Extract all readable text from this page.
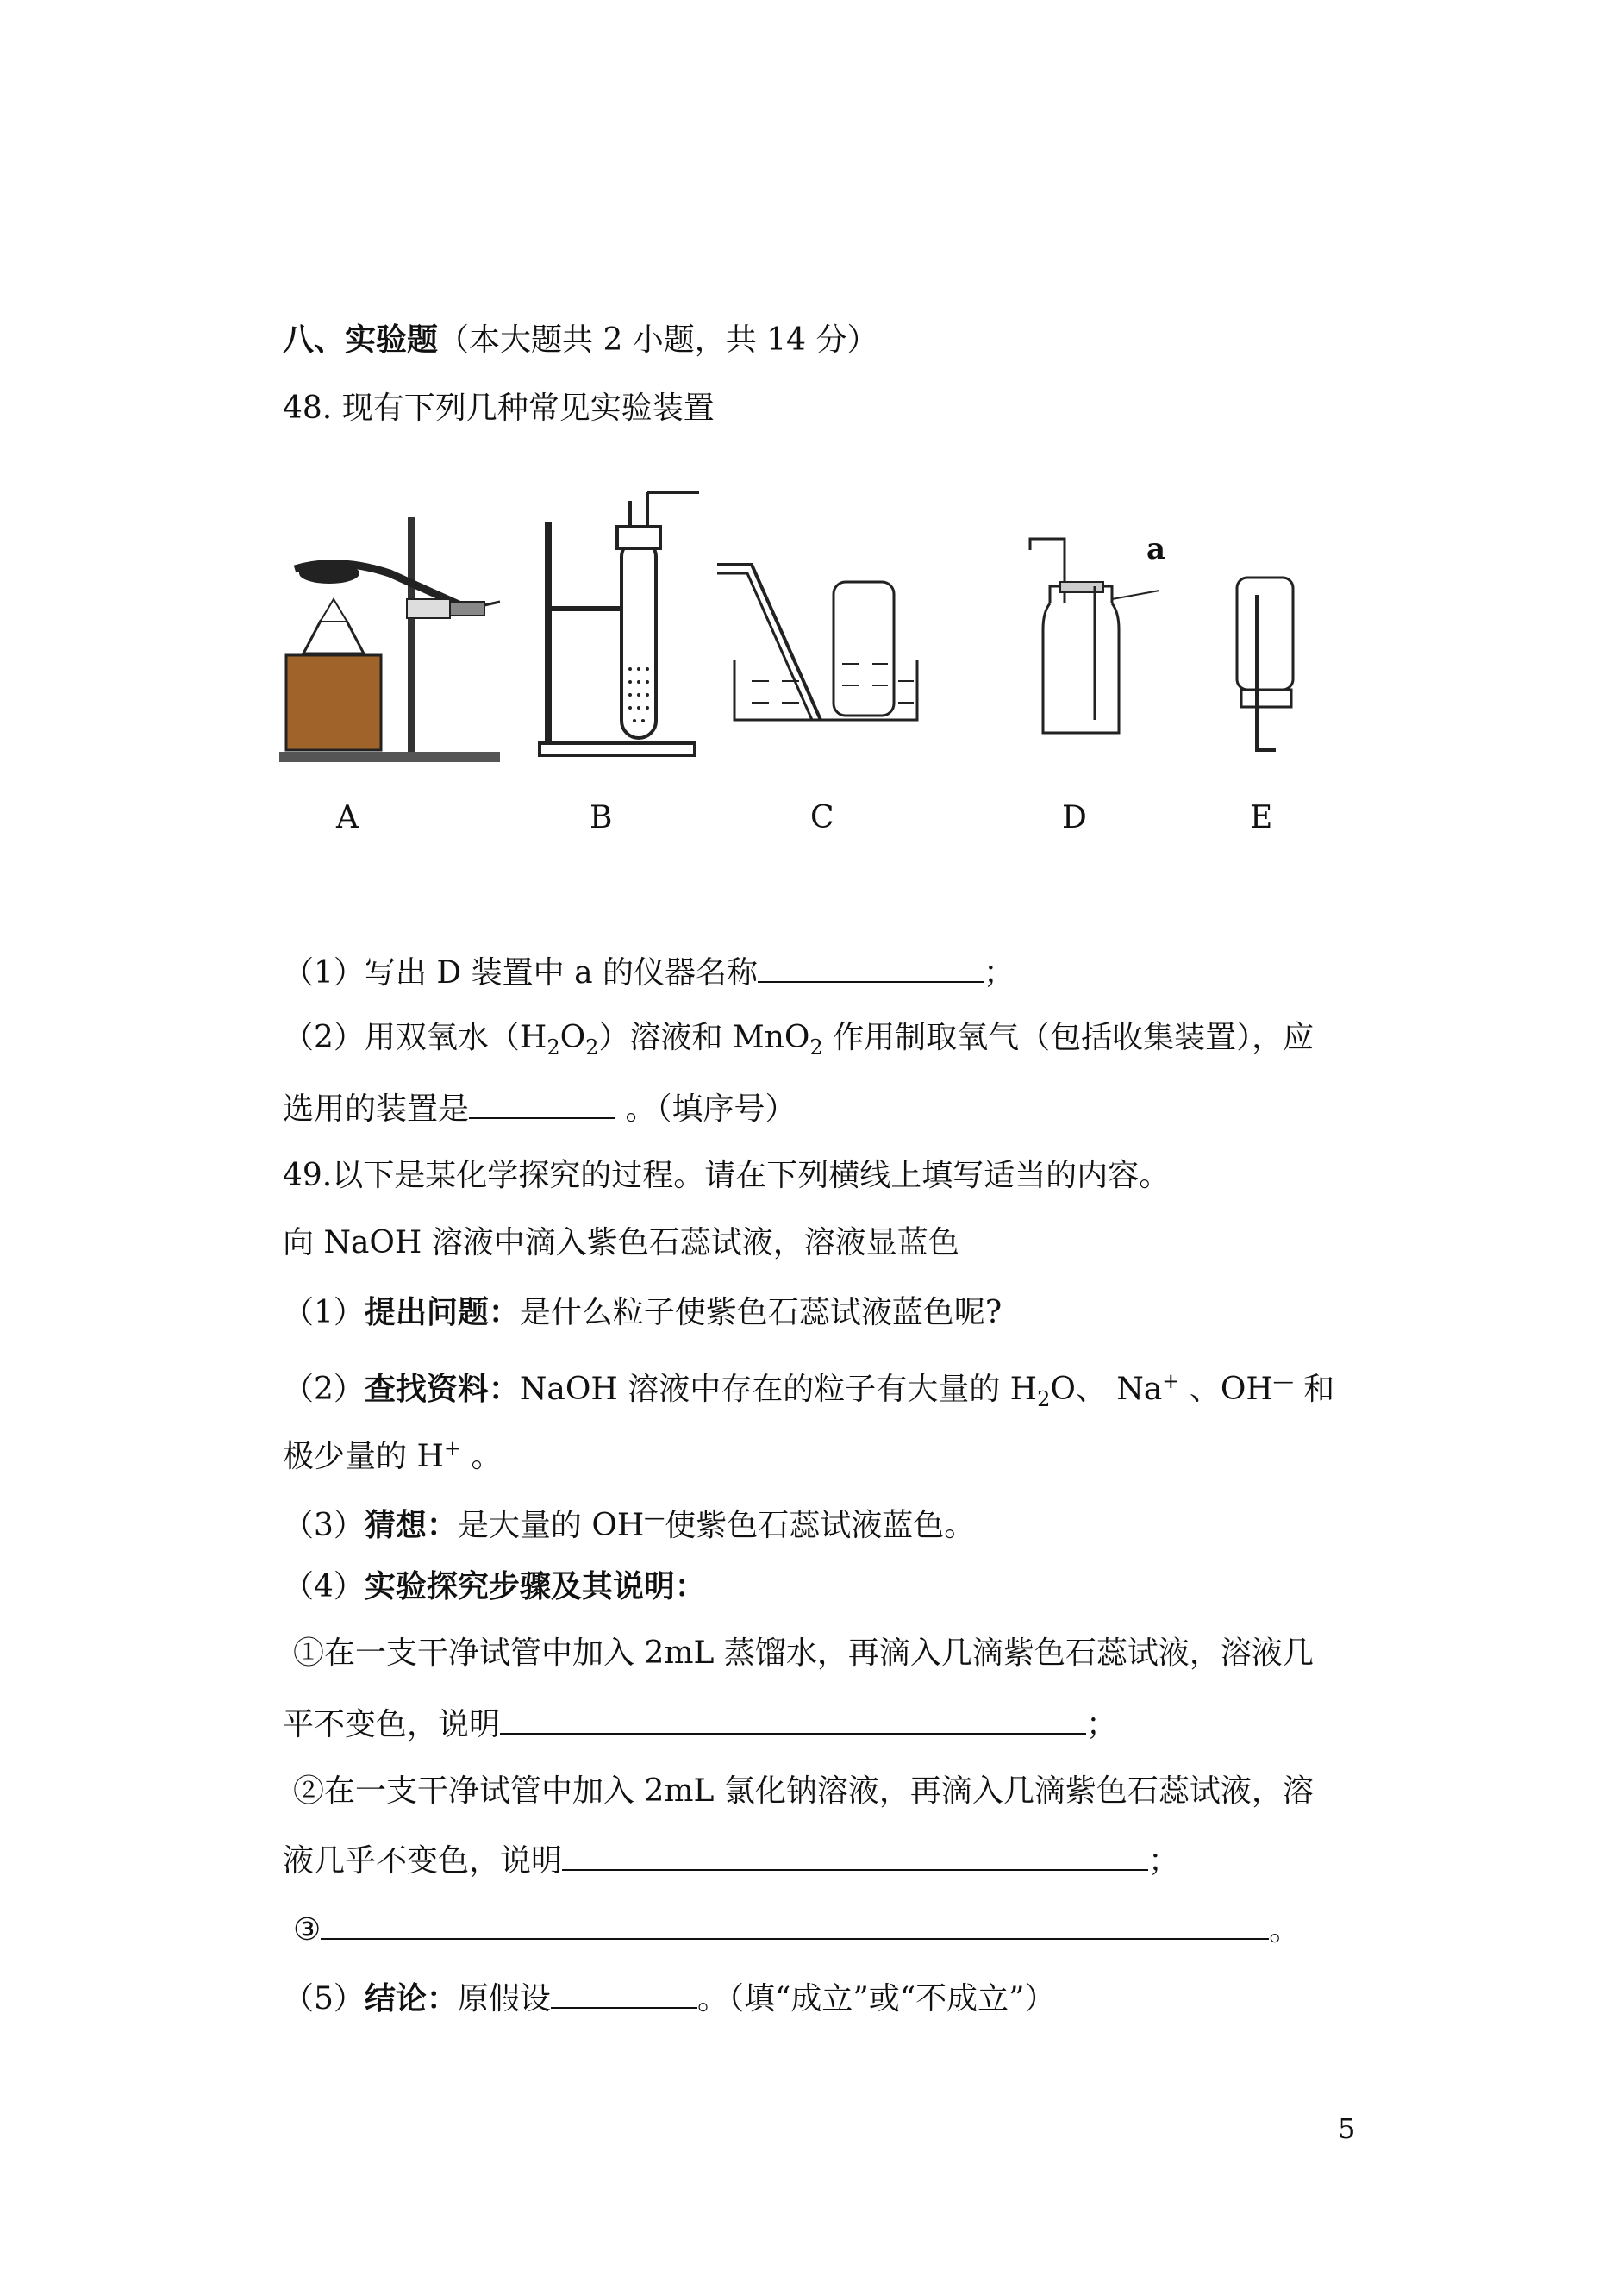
八、实验题（本大题共 2 小题，共 14 分）
48. 现有下列几种常见实验装置
a
A	B	C	D	E
（1）写出 D 装置中 a 的仪器名称	；
（2）用双氧水$(H_2O_2)$溶液和 MnO$_2$ 作用制取氧气（包括收集装置），应
选用的装置是	。（填序号）
49.以下是某化学探究的过程。请在下列横线上填写适当的内容。
向 NaOH 溶液中滴入紫色石蕊试液，溶液显蓝色
（1）提出问题：是什么粒子使紫色石蕊试液蓝色呢?
（2）查找资料：NaOH 溶液中存在的粒子有大量的 $H_2O$、 Na+ 、OH— 和
极少量的 H+ 。
（3）猜想：是大量的 OH—使紫色石蕊试液蓝色。
（4）实验探究步骤及其说明：
①在一支干净试管中加入 2mL 蒸馏水，再滴入几滴紫色石蕊试液，溶液几
平不变色，说明	；
②在一支干净试管中加入 2mL 氯化钠溶液，再滴入几滴紫色石蕊试液，溶
液几乎不变色，说明	；
③	。
（5）结论：原假设	。（填“成立”或“不成立”）
5
